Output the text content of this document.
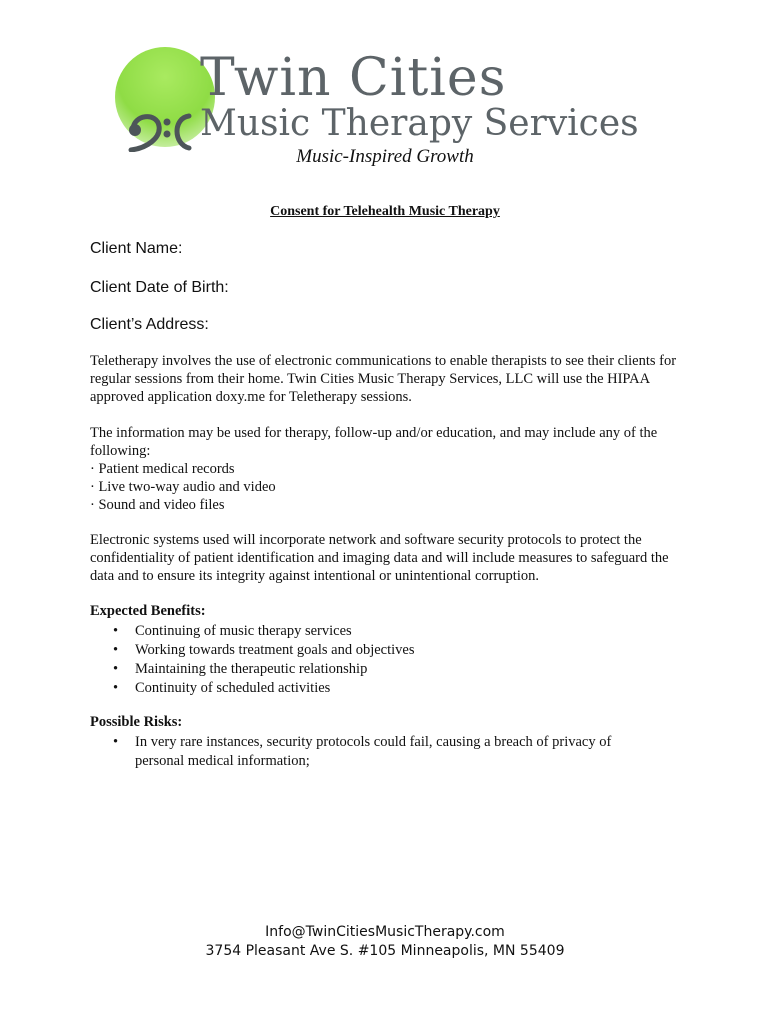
Twin Cities
Music Therapy Services
Music-Inspired Growth
Consent for Telehealth Music Therapy
Client Name:
Client Date of Birth:
Client’s Address:

Teletherapy involves the use of electronic communications to enable therapists to see their clients for regular sessions from their home. Twin Cities Music Therapy Services, LLC will use the HIPAA approved application doxy.me for Teletherapy sessions.

The information may be used for therapy, follow-up and/or education, and may include any of the following:

· Patient medical records
· Live two-way audio and video
· Sound and video files

Electronic systems used will incorporate network and software security protocols to protect the confidentiality of patient identification and imaging data and will include measures to safeguard the data and to ensure its integrity against intentional or unintentional corruption.

Expected Benefits:

• Continuing of music therapy services
• Working towards treatment goals and objectives
• Maintaining the therapeutic relationship
• Continuity of scheduled activities

Possible Risks:

• In very rare instances, security protocols could fail, causing a breach of privacy of personal medical information;
Info@TwinCitiesMusicTherapy.com
3754 Pleasant Ave S. #105 Minneapolis, MN 55409
